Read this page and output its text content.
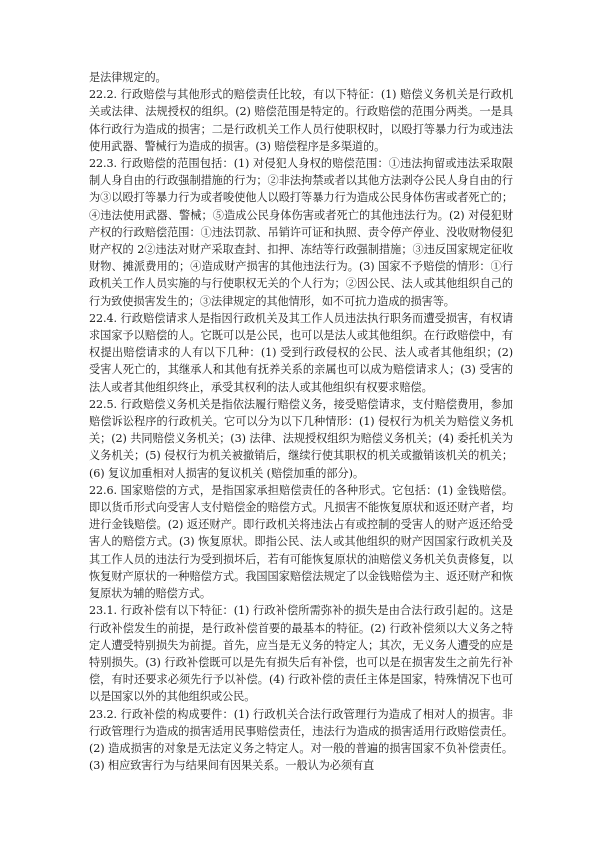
是法律规定的。

22.2. 行政赔偿与其他形式的赔偿责任比较，有以下特征：(1) 赔偿义务机关是行政机关或法律、法规授权的组织。(2) 赔偿范围是特定的。行政赔偿的范围分两类。一是具体行政行为造成的损害；二是行政机关工作人员行使职权时，以殴打等暴力行为或违法使用武器、警械行为造成的损害。(3) 赔偿程序是多渠道的。

22.3. 行政赔偿的范围包括：(1) 对侵犯人身权的赔偿范围：①违法拘留或违法采取限制人身自由的行政强制措施的行为；②非法拘禁或者以其他方法剥夺公民人身自由的行为③以殴打等暴力行为或者唆使他人以殴打等暴力行为造成公民身体伤害或者死亡的；④违法使用武器、警械；⑤造成公民身体伤害或者死亡的其他违法行为。(2) 对侵犯财产权的行政赔偿范围：①违法罚款、吊销许可证和执照、责令停产停业、没收财物侵犯财产权的 2②违法对财产采取查封、扣押、冻结等行政强制措施；③违反国家规定征收财物、摊派费用的；④造成财产损害的其他违法行为。(3) 国家不予赔偿的情形：①行政机关工作人员实施的与行使职权无关的个人行为；②因公民、法人或其他组织自己的行为致使损害发生的；③法律规定的其他情形，如不可抗力造成的损害等。

22.4. 行政赔偿请求人是指因行政机关及其工作人员违法执行职务而遭受损害，有权请求国家予以赔偿的人。它既可以是公民，也可以是法人或其他组织。在行政赔偿中，有权提出赔偿请求的人有以下几种：(1) 受到行政侵权的公民、法人或者其他组织；(2) 受害人死亡的，其继承人和其他有抚养关系的亲属也可以成为赔偿请求人；(3) 受害的法人或者其他组织终止，承受其权利的法人或其他组织有权要求赔偿。

22.5. 行政赔偿义务机关是指依法履行赔偿义务，接受赔偿请求，支付赔偿费用，参加赔偿诉讼程序的行政机关。它可以分为以下几种情形：(1) 侵权行为机关为赔偿义务机关；(2) 共同赔偿义务机关；(3) 法律、法规授权组织为赔偿义务机关；(4) 委托机关为义务机关；(5) 侵权行为机关被撤销后，继续行使其职权的机关或撤销该机关的机关；(6) 复议加重相对人损害的复议机关 (赔偿加重的部分)。

22.6. 国家赔偿的方式，是指国家承担赔偿责任的各种形式。它包括：(1) 金钱赔偿。即以货币形式向受害人支付赔偿金的赔偿方式。凡损害不能恢复原状和返还财产者，均进行金钱赔偿。(2) 返还财产。即行政机关将违法占有或控制的受害人的财产返还给受害人的赔偿方式。(3) 恢复原状。即指公民、法人或其他组织的财产因国家行政机关及其工作人员的违法行为受到损坏后，若有可能恢复原状的油赔偿义务机关负责修复，以恢复财产原状的一种赔偿方式。我国国家赔偿法规定了以金钱赔偿为主、返还财产和恢复原状为辅的赔偿方式。

23.1. 行政补偿有以下特征：(1) 行政补偿所需弥补的损失是由合法行政引起的。这是行政补偿发生的前提，是行政补偿首要的最基本的特征。(2) 行政补偿须以大义务之特定人遭受特别损失为前提。首先，应当是无义务的特定人；其次，无义务人遭受的应是特别损失。(3) 行政补偿既可以是先有损失后有补偿，也可以是在损害发生之前先行补偿，有时还要求必须先行予以补偿。(4) 行政补偿的责任主体是国家，特殊情况下也可以是国家以外的其他组织或公民。

23.2. 行政补偿的构成要件：(1) 行政机关合法行政管理行为造成了相对人的损害。非行政管理行为造成的损害适用民事赔偿责任，违法行为造成的损害适用行政赔偿责任。(2) 造成损害的对象是无法定义务之特定人。对一般的普遍的损害国家不负补偿责任。(3) 相应致害行为与结果间有因果关系。一般认为必须有直
